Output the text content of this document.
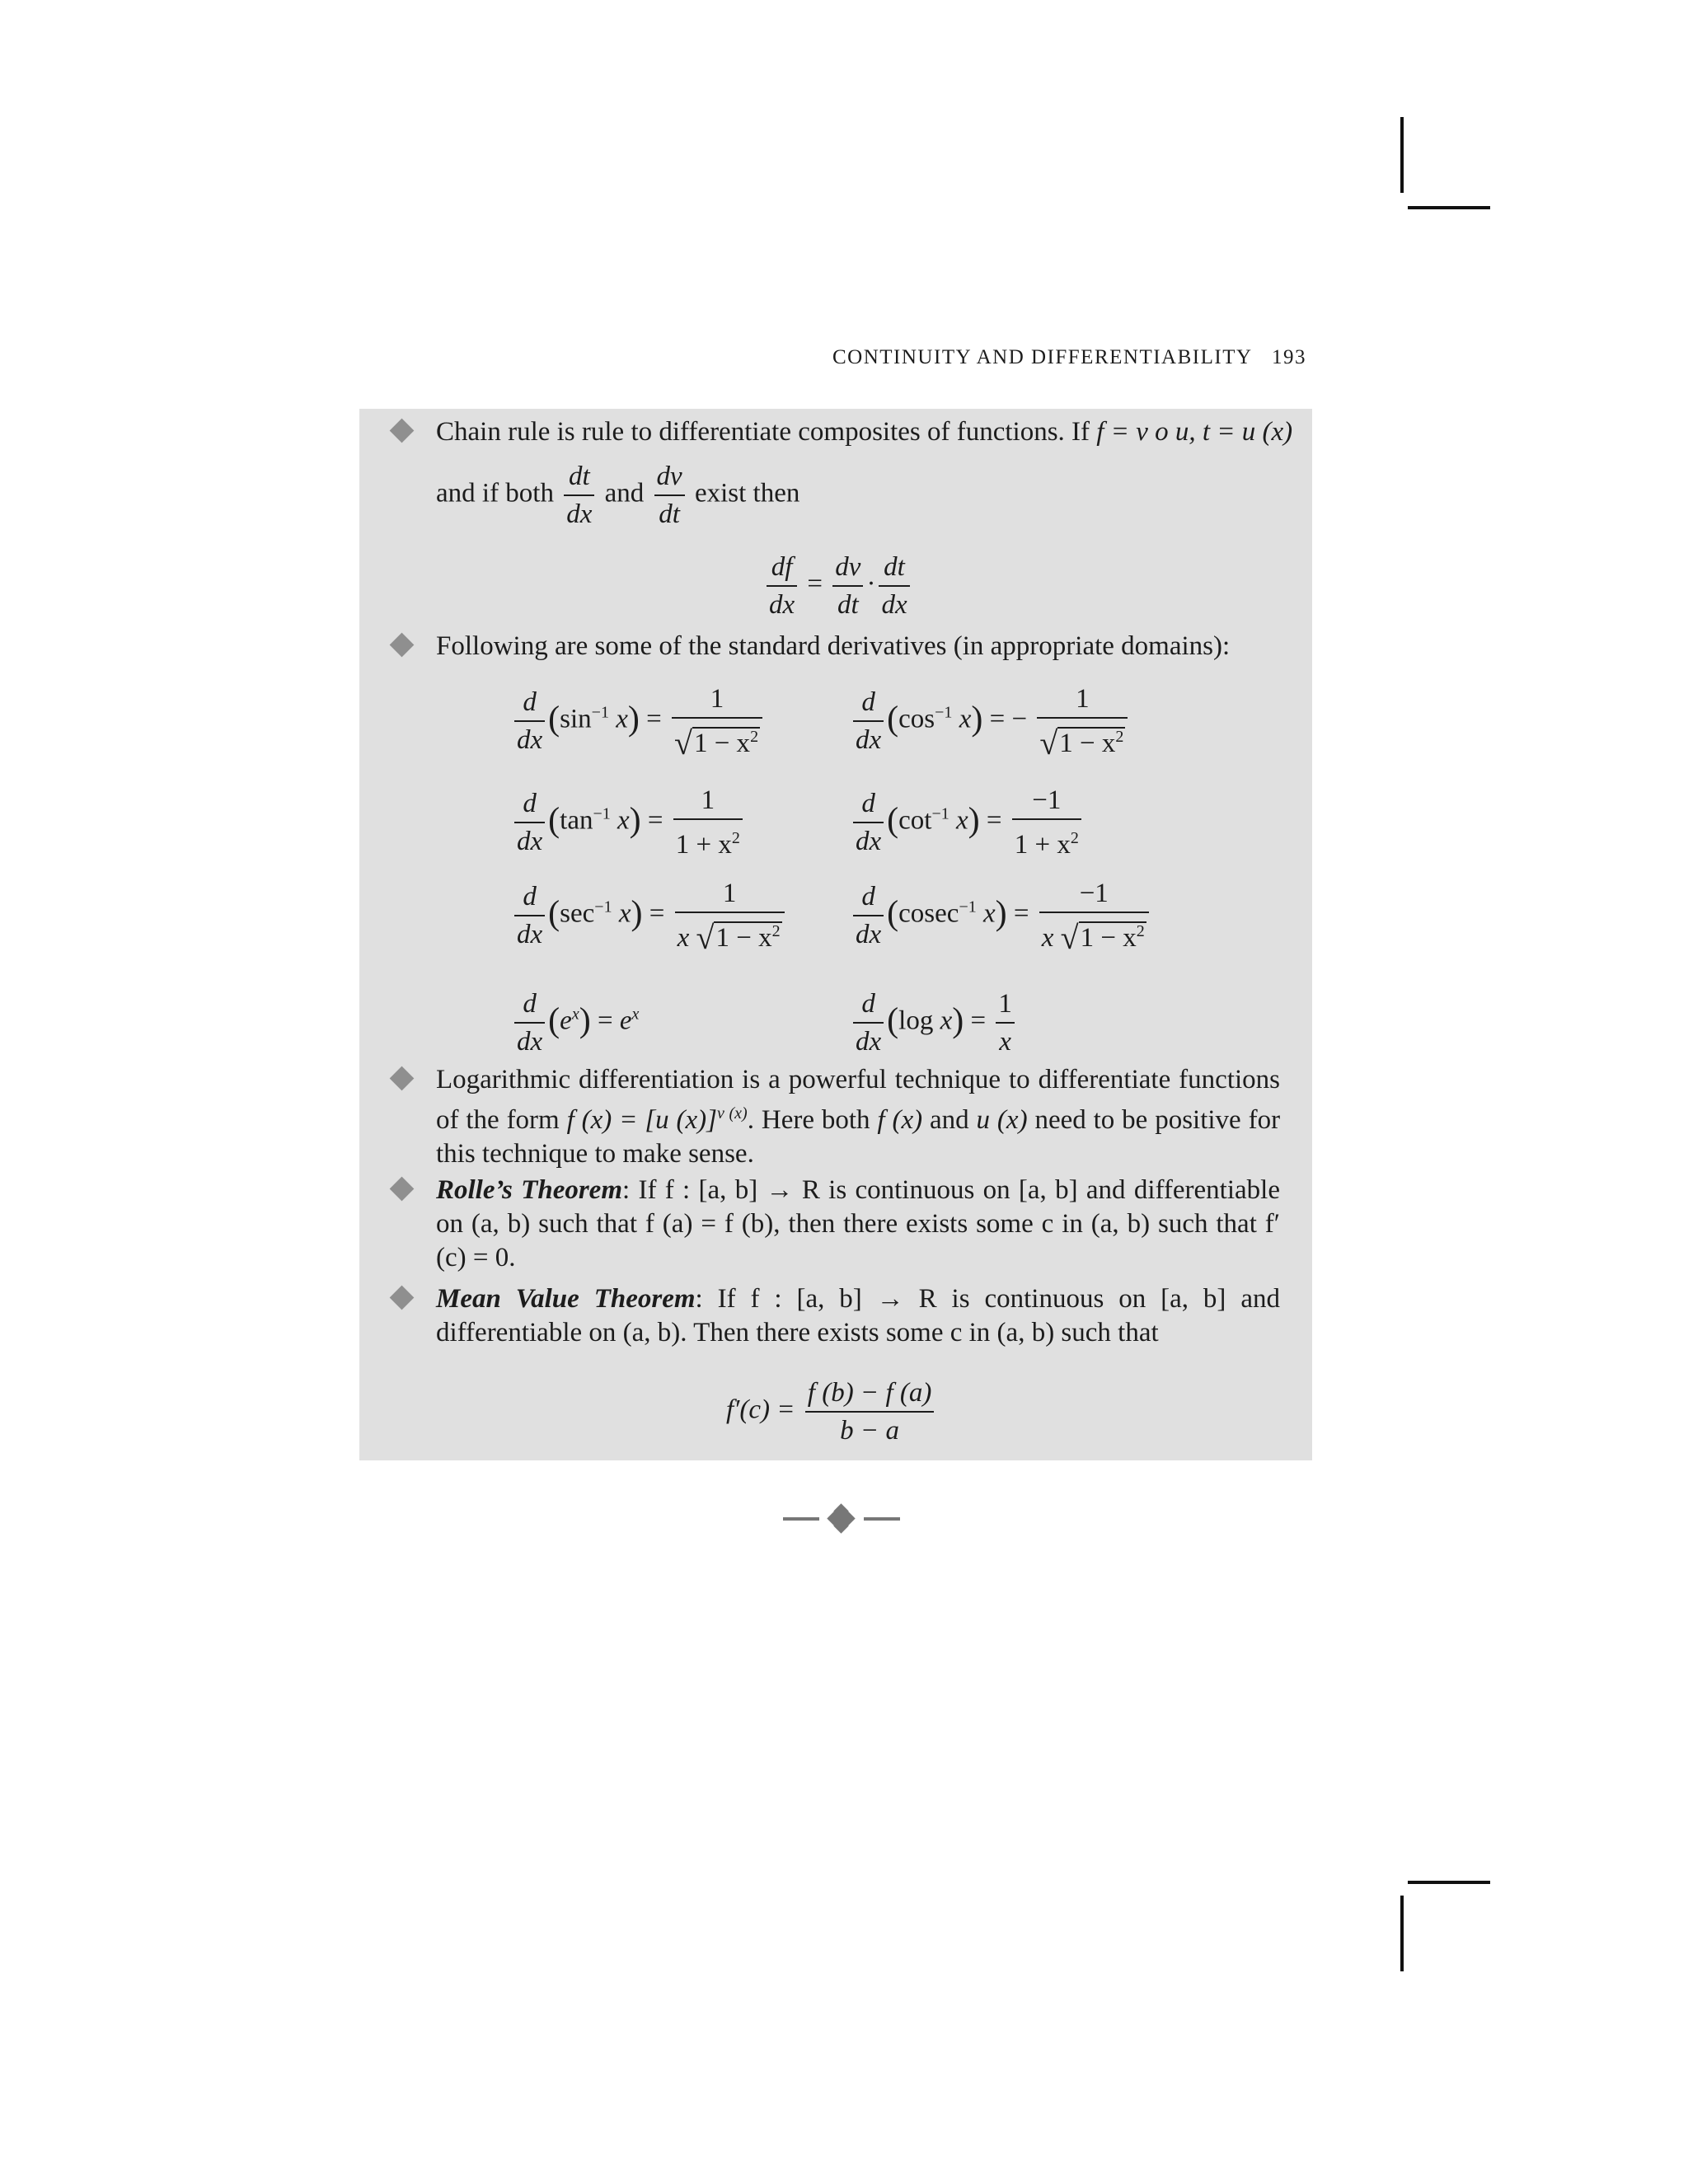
CONTINUITY AND DIFFERENTIABILITY 193
Chain rule is rule to differentiate composites of functions. If f = v o u, t = u (x)
and if both $\frac{dt}{dx}$ and $\frac{dv}{dt}$ exist then
$\frac{df}{dx} = \frac{dv}{dt} \cdot \frac{dt}{dx}$
Following are some of the standard derivatives (in appropriate domains):
$\frac{d}{dx} (\sin^{-1}$ $x) = \frac{1}{√1 - x^2}$	$\frac{d}{dx} (\cos^{-1}$ x) = − $\frac{1}{√1 - x^2}$
$\frac{d}{dx} (\tan^{-1}$ $x) = \frac{1}{1 + x^2}$	$\frac{d}{dx} (\cot^{-1}$ $x) = \frac{-1}{1 + x^2}$
$\frac{d}{dx} (\sec^{-1}$ $x) = \frac{1}{x √1 - x^2}$	$\frac{d}{dx} (cosec^{-1}$ $x) = \frac{-1}{x √1 - x^2}$
$\frac{d}{dx} (e^x) = e^x$	$\frac{d}{dx} (\log$ $x) = \frac{1}{x}$
Logarithmic differentiation is a powerful technique to differentiate functions of the form f (x) = [u (x)]$^{v (x)}$. Here both f (x) and u (x) need to be positive for this technique to make sense.
Rolle’s Theorem: If f : [a, b] → R is continuous on [a, b] and differentiable on (a, b) such that f (a) = f (b), then there exists some c in (a, b) such that f′(c) = 0.
Mean Value Theorem: If f : [a, b] → R is continuous on [a, b] and differentiable on (a, b). Then there exists some c in (a, b) such that
$f'(c) = \frac{f (b) - f (a)}{b - a}$
